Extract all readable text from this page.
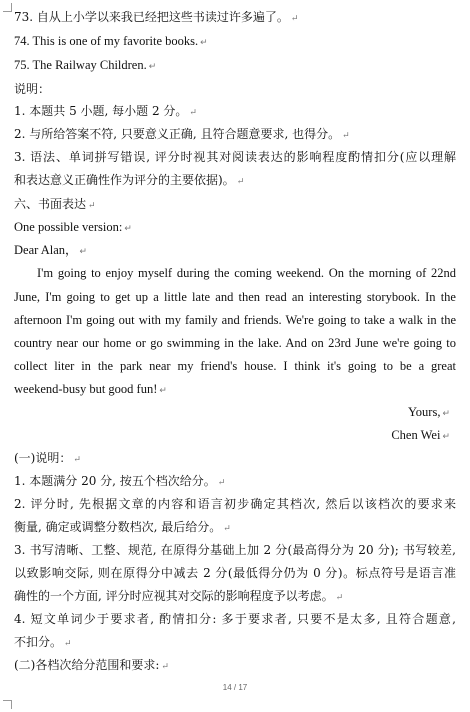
73. 自从上小学以来我已经把这些书读过许多遍了。 ↵
74. This is one of my favorite books. ↵
75. The Railway Children. ↵
说明：
1. 本题共 5 小题, 每小题 2 分。 ↵
2. 与所给答案不符, 只要意义正确, 且符合题意要求, 也得分。 ↵
3. 语法、单词拼写错误, 评分时视其对阅读表达的影响程度酌情扣分(应以理解
和表达意义正确性作为评分的主要依据)。 ↵
六、书面表达 ↵
One possible version: ↵
Dear Alan， ↵
I'm going to enjoy myself during the coming weekend. On the morning of 22nd
June, I'm going to get up a little late and then read an interesting storybook. In the
afternoon I'm going out with my family and friends. We're going to take a walk in the
country near our home or go swimming in the lake. And on 23rd June we're going to
collect liter in the park near my friend's house. I think it's going to be a great
weekend-busy but good fun! ↵
Yours, ↵
Chen Wei ↵
(一)说明： ↵
1. 本题满分 20 分, 按五个档次给分。 ↵
2. 评分时, 先根据文章的内容和语言初步确定其档次, 然后以该档次的要求来
衡量, 确定或调整分数档次, 最后给分。 ↵
3. 书写清晰、工整、规范, 在原得分基础上加 2 分(最高得分为 20 分); 书写较差,
以致影响交际, 则在原得分中减去 2 分(最低得分仍为 0 分)。标点符号是语言准
确性的一个方面, 评分时应视其对交际的影响程度予以考虑。 ↵
4. 短文单词少于要求者, 酌情扣分: 多于要求者, 只要不是太多, 且符合题意,
不扣分。 ↵
(二)各档次给分范围和要求: ↵
14 / 17
